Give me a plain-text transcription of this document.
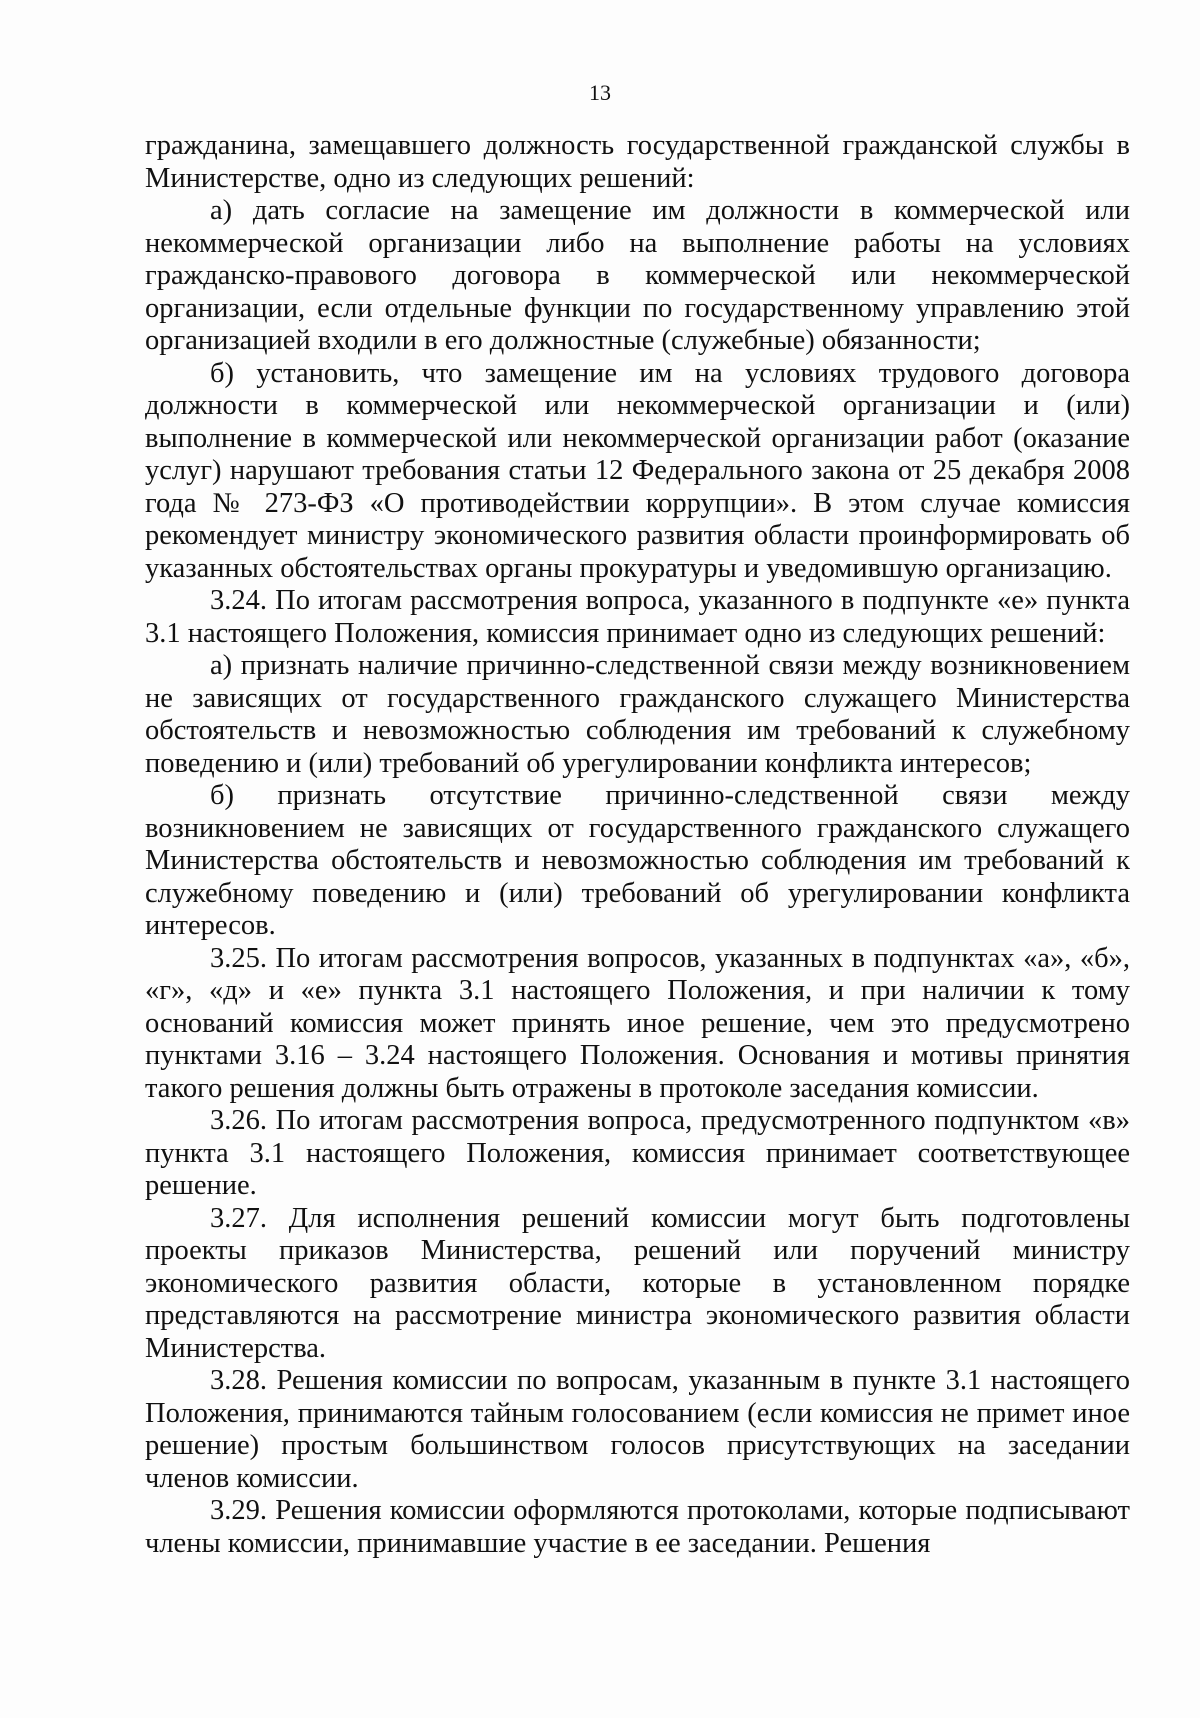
13

гражданина, замещавшего должность государственной гражданской службы в Министерстве, одно из следующих решений:

а) дать согласие на замещение им должности в коммерческой или некоммерческой организации либо на выполнение работы на условиях гражданско-правового договора в коммерческой или некоммерческой организации, если отдельные функции по государственному управлению этой организацией входили в его должностные (служебные) обязанности;

б) установить, что замещение им на условиях трудового договора должности в коммерческой или некоммерческой организации и (или) выполнение в коммерческой или некоммерческой организации работ (оказание услуг) нарушают требования статьи 12 Федерального закона от 25 декабря 2008 года № 273-ФЗ «О противодействии коррупции». В этом случае комиссия рекомендует министру экономического развития области проинформировать об указанных обстоятельствах органы прокуратуры и уведомившую организацию.

3.24. По итогам рассмотрения вопроса, указанного в подпункте «е» пункта 3.1 настоящего Положения, комиссия принимает одно из следующих решений:

а) признать наличие причинно-следственной связи между возникновением не зависящих от государственного гражданского служащего Министерства обстоятельств и невозможностью соблюдения им требований к служебному поведению и (или) требований об урегулировании конфликта интересов;

б) признать отсутствие причинно-следственной связи между возникновением не зависящих от государственного гражданского служащего Министерства обстоятельств и невозможностью соблюдения им требований к служебному поведению и (или) требований об урегулировании конфликта интересов.

3.25. По итогам рассмотрения вопросов, указанных в подпунктах «а», «б», «г», «д» и «е» пункта 3.1 настоящего Положения, и при наличии к тому оснований комиссия может принять иное решение, чем это предусмотрено пунктами 3.16 – 3.24 настоящего Положения. Основания и мотивы принятия такого решения должны быть отражены в протоколе заседания комиссии.

3.26. По итогам рассмотрения вопроса, предусмотренного подпунктом «в» пункта 3.1 настоящего Положения, комиссия принимает соответствующее решение.

3.27. Для исполнения решений комиссии могут быть подготовлены проекты приказов Министерства, решений или поручений министру экономического развития области, которые в установленном порядке представляются на рассмотрение министра экономического развития области Министерства.

3.28. Решения комиссии по вопросам, указанным в пункте 3.1 настоящего Положения, принимаются тайным голосованием (если комиссия не примет иное решение) простым большинством голосов присутствующих на заседании членов комиссии.

3.29. Решения комиссии оформляются протоколами, которые подписывают члены комиссии, принимавшие участие в ее заседании. Решения
